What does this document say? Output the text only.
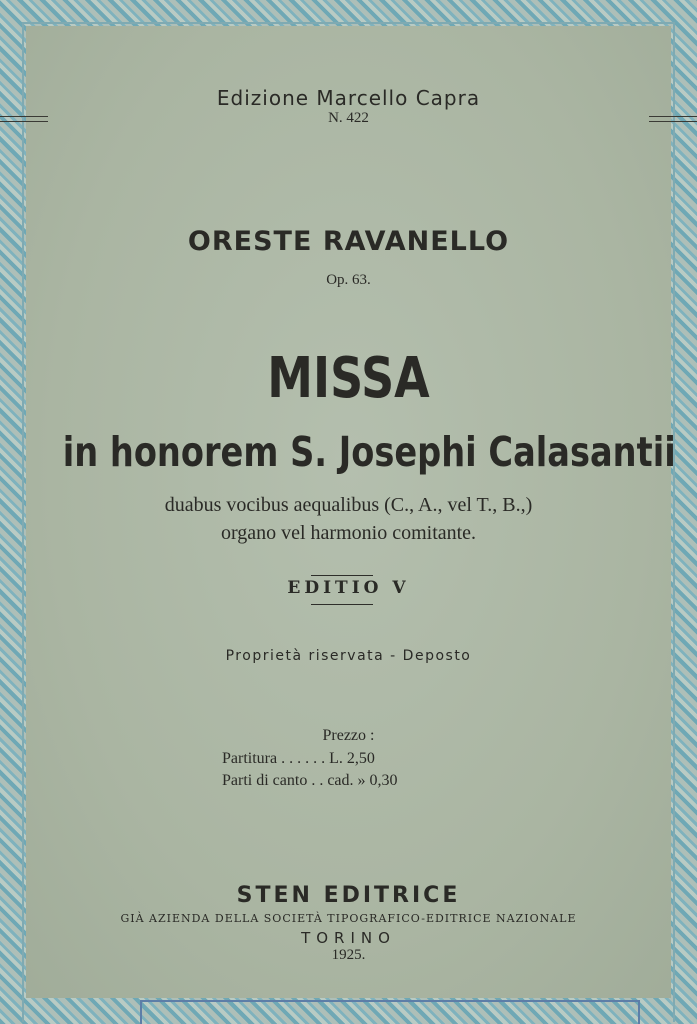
Edizione Marcello Capra
N. 422
ORESTE RAVANELLO
Op. 63.
MISSA
in honorem S. Josephi Calasantii
duabus vocibus aequalibus (C., A., vel T., B.,)
organo vel harmonio comitante.
EDITIO V
Proprietà riservata - Deposto
Prezzo :
Partitura . . . . . . L. 2,50
Parti di canto . . cad. » 0,30
STEN EDITRICE
GIÀ AZIENDA DELLA SOCIETÀ TIPOGRAFICO-EDITRICE NAZIONALE
TORINO
1925.
